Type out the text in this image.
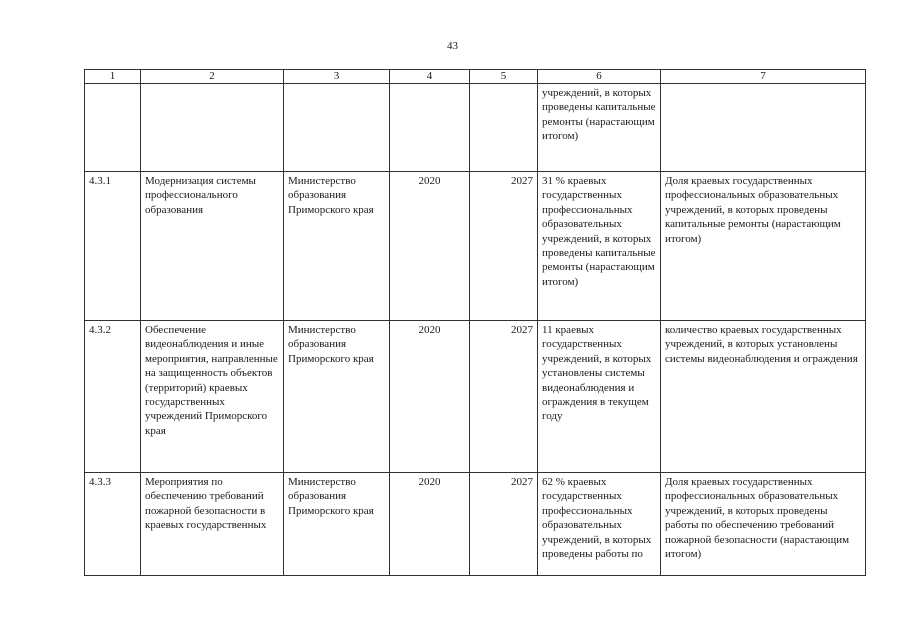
43
1	2	3	4	5	6	7
					учреждений, в которых проведены капитальные ремонты (нарастающим итогом)	
4.3.1	Модернизация системы профессионального образования	Министерство образования Приморского края	2020	2027	31 % краевых государственных профессиональных образовательных учреждений, в которых проведены капитальные ремонты (нарастающим итогом)	Доля краевых государственных профессиональных образовательных учреждений, в которых проведены капитальные ремонты (нарастающим итогом)
4.3.2	Обеспечение видеонаблюдения и иные мероприятия, направленные на защищенность объектов (территорий) краевых государственных учреждений Приморского края	Министерство образования Приморского края	2020	2027	11 краевых государственных учреждений, в которых установлены системы видеонаблюдения и ограждения в текущем году	количество краевых государственных учреждений, в которых установлены системы видеонаблюдения и ограждения
4.3.3	Мероприятия по обеспечению требований пожарной безопасности в краевых государственных	Министерство образования Приморского края	2020	2027	62 % краевых государственных профессиональных образовательных учреждений, в которых проведены работы по	Доля краевых государственных профессиональных образовательных учреждений, в которых проведены работы по обеспечению требований пожарной безопасности (нарастающим итогом)
